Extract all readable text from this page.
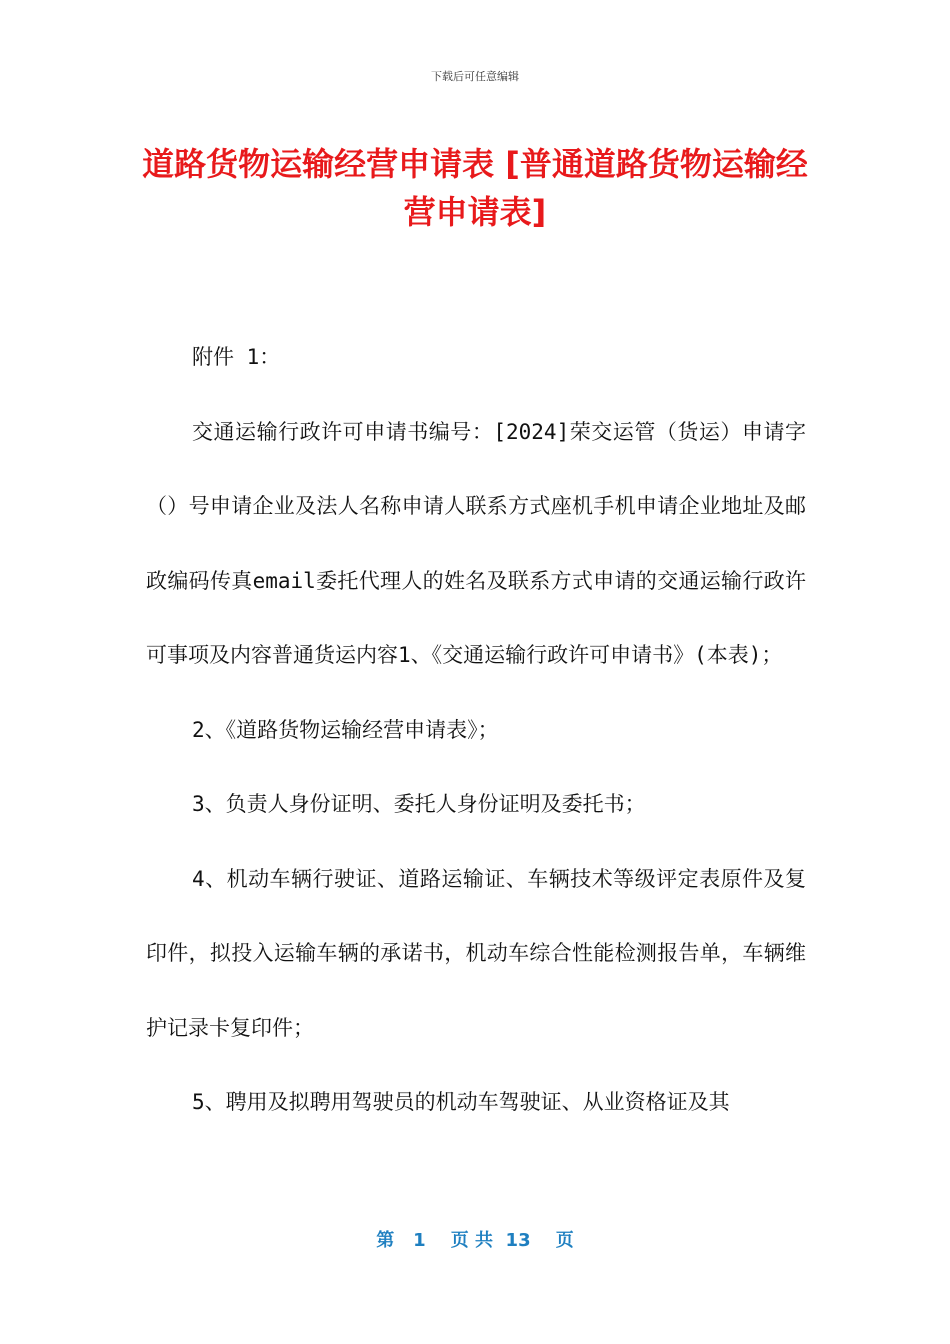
下载后可任意编辑
道路货物运输经营申请表 [普通道路货物运输经营申请表]

附件 1：

交通运输行政许可申请书编号：[2024]荣交运管（货运）申请字（）号申请企业及法人名称申请人联系方式座机手机申请企业地址及邮政编码传真email委托代理人的姓名及联系方式申请的交通运输行政许可事项及内容普通货运内容1、《交通运输行政许可申请书》(本表)；

2、《道路货物运输经营申请表》；

3、负责人身份证明、委托人身份证明及委托书；

4、机动车辆行驶证、道路运输证、车辆技术等级评定表原件及复印件，拟投入运输车辆的承诺书，机动车综合性能检测报告单，车辆维护记录卡复印件；

5、聘用及拟聘用驾驶员的机动车驾驶证、从业资格证及其

第 1 页 共 13 页
